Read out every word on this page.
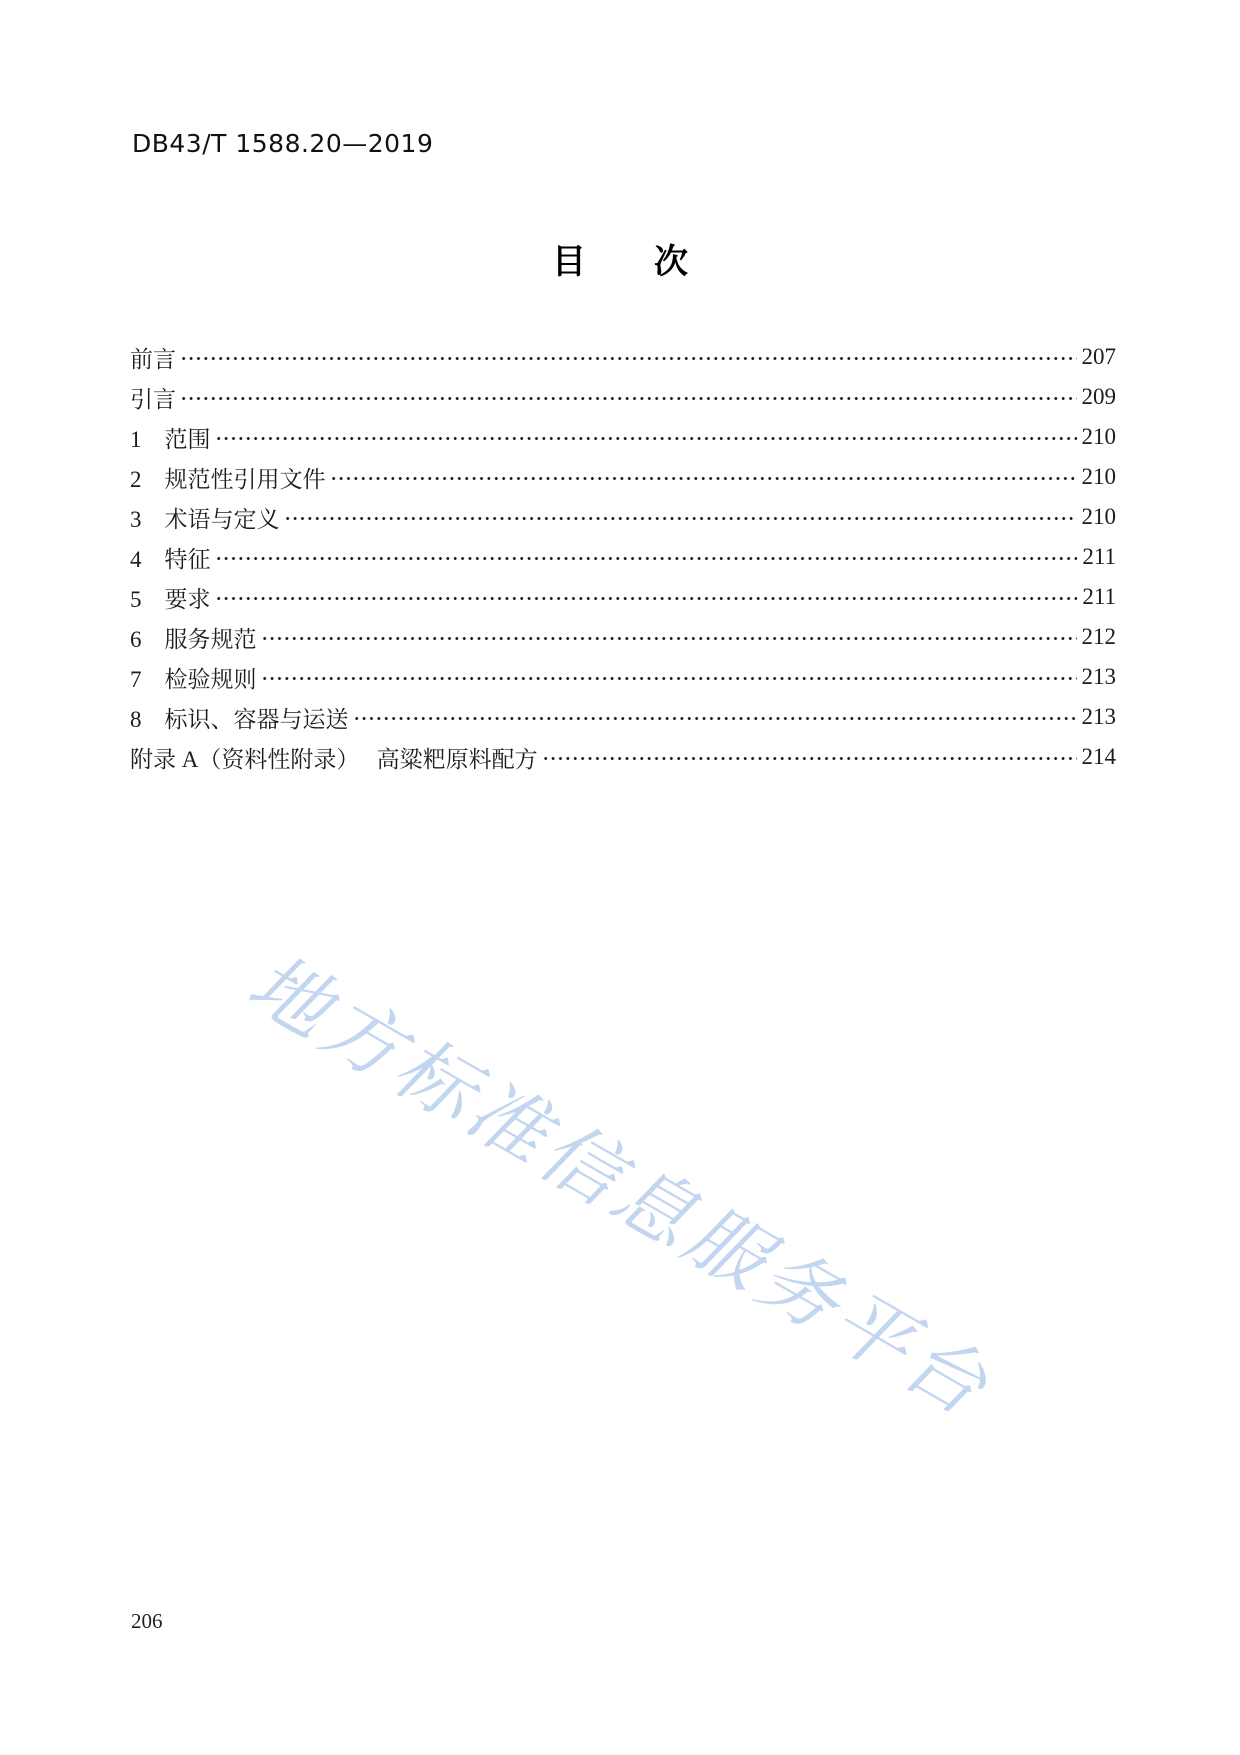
DB43/T 1588.20—2019
目　　次
前言	207
引言	209
1　范围	210
2　规范性引用文件	210
3　术语与定义	210
4　特征	211
5　要求	211
6　服务规范	212
7　检验规则	213
8　标识、容器与运送	213
附录 A（资料性附录）　 高粱粑原料配方	214
地方标准信息服务平台
206
